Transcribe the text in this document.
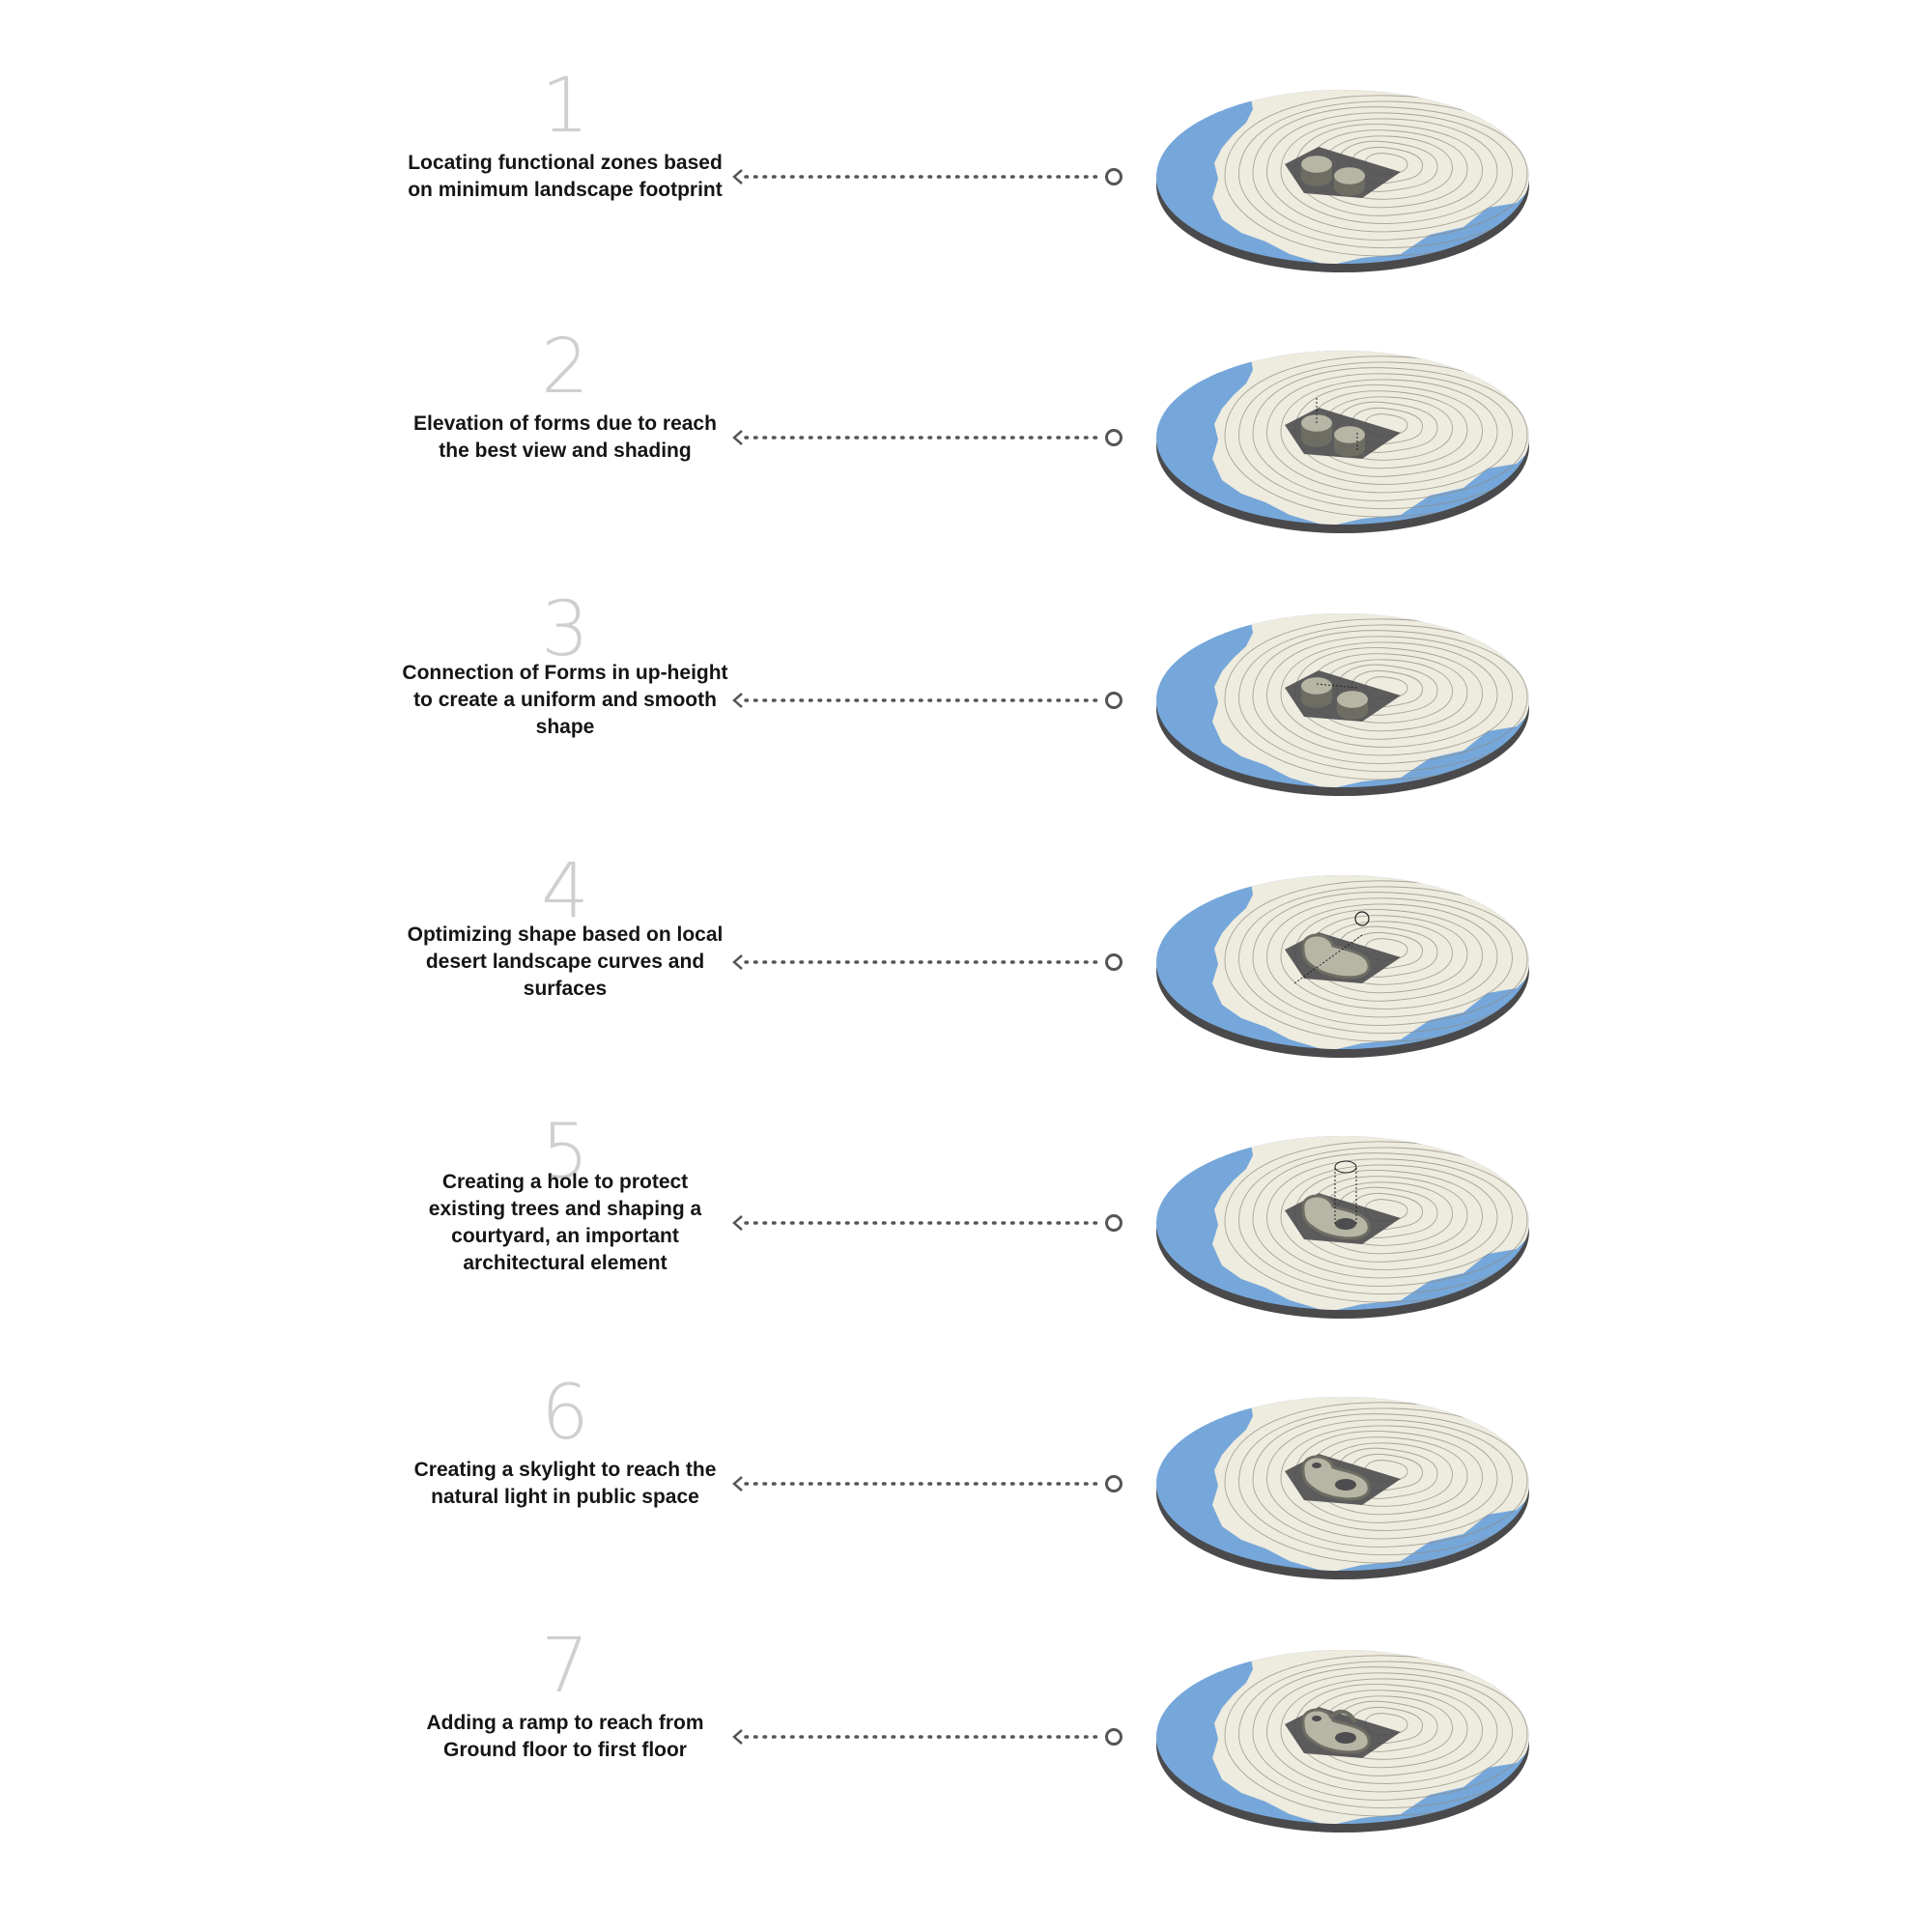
1
Locating functional zones based
on minimum landscape footprint
2
Elevation of forms due to reach
the best view and shading
3
Connection of Forms in up-height
to create a uniform and smooth
shape
4
Optimizing shape based on local
desert landscape curves and
surfaces
5
Creating a hole to protect
existing trees and shaping a
courtyard, an important
architectural element
6
Creating a skylight to reach the
natural light in public space
7
Adding a ramp to reach from
Ground floor to first floor
